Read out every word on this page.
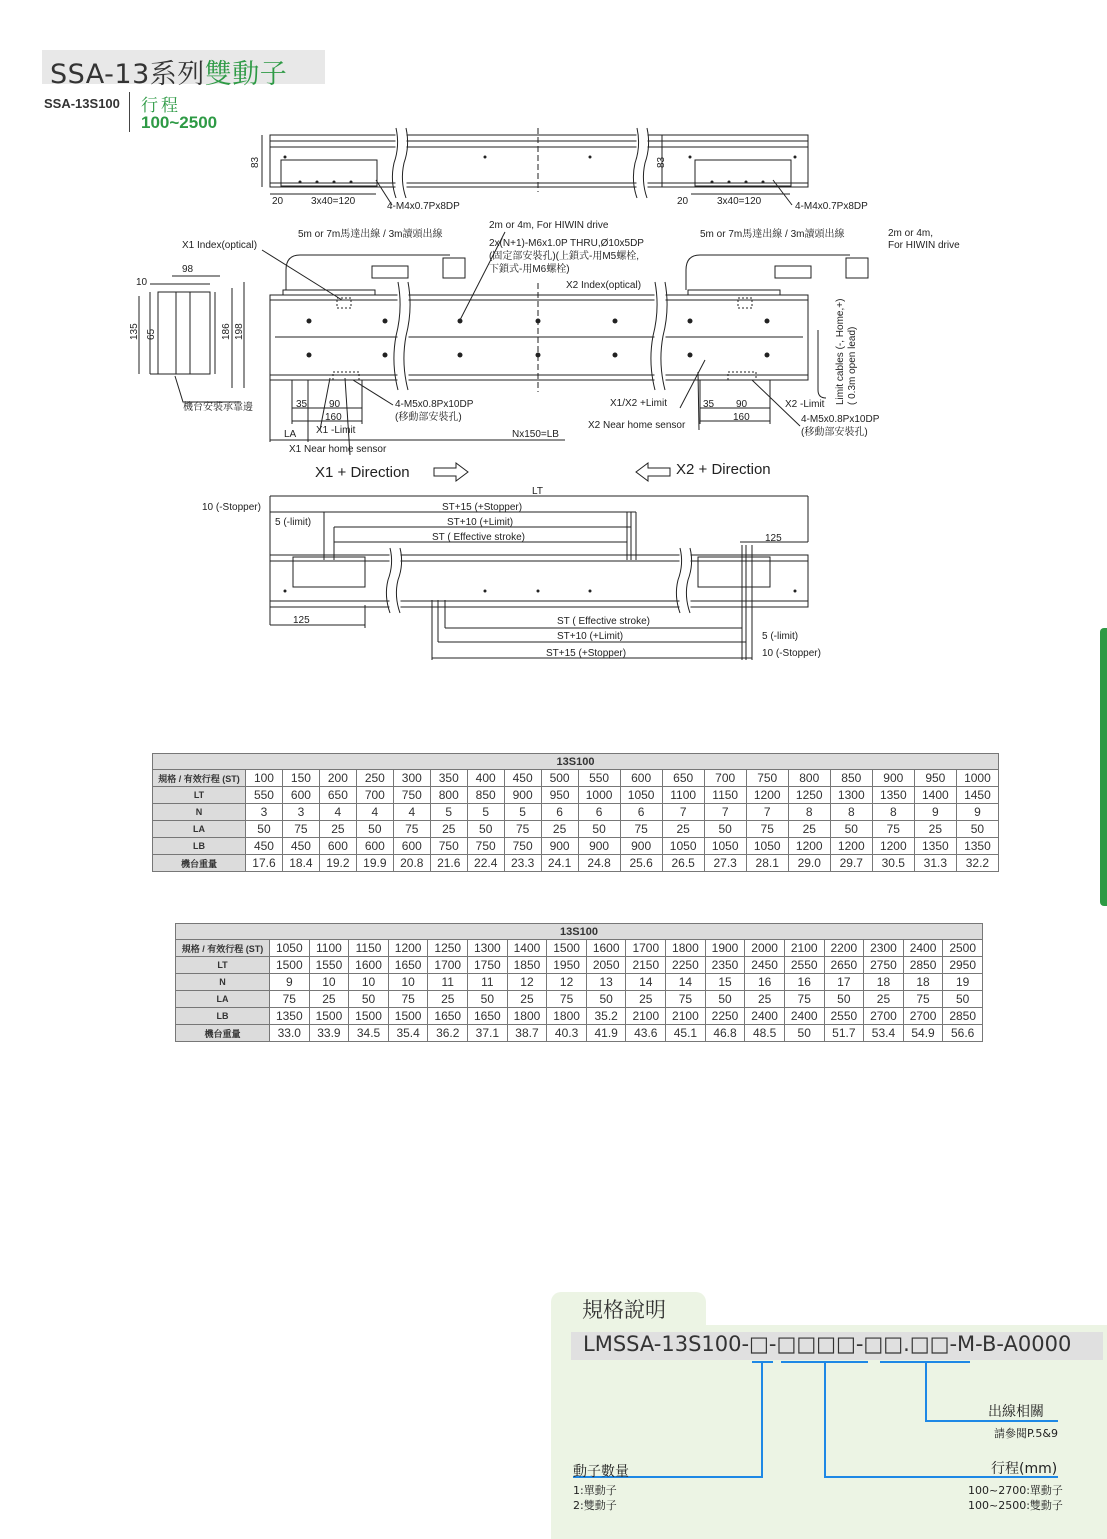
SSA-13系列雙動子
SSA-13S100 行程
100~2500
83	83
20	3x40=120	4-M4x0.7Px8DP	20	3x40=120	4-M4x0.7Px8DP
10
98
135 65	186 198
機台安裝承靠邊
5m or 7m馬達出線 / 3m讀頭出線	5m or 7m馬達出線 / 3m讀頭出線
2m or 4m, For HIWIN drive
2m or 4m,
For HIWIN drive
X1 Index(optical)
X2 Index(optical)
2x(N+1)-M6x1.0P THRU,Ø10x5DP
(固定部安裝孔)(上鎖式-用M5螺栓,
下鎖式-用M6螺栓)
35 90
160
4-M5x0.8Px10DP
(移動部安裝孔)
X1 -Limit
LA	Nx150=LB
X1 Near home sensor
X1/X2 +Limit	35 90
160
X2 -Limit
4-M5x0.8Px10DP
(移動部安裝孔)
X2 Near home sensor
Limit cables (-, Home,+) ( 0.3m open lead)
X1 + Direction	X2 + Direction
LT
10 (-Stopper)
5 (-limit)
ST+15 (+Stopper)
ST+10 (+Limit)
ST ( Effective stroke)	125
125	ST ( Effective stroke)
ST+10 (+Limit)
ST+15 (+Stopper)
5 (-limit)
10 (-Stopper)
13S100																			
規格 / 有效行程 (ST)	100	150	200	250	300	350	400	450	500	550	600	650	700	750	800	850	900	950	1000
LT	550	600	650	700	750	800	850	900	950	1000	1050	1100	1150	1200	1250	1300	1350	1400	1450
N	3	3	4	4	4	5	5	5	6	6	6	7	7	7	8	8	8	9	9
LA	50	75	25	50	75	25	50	75	25	50	75	25	50	75	25	50	75	25	50
LB	450	450	600	600	600	750	750	750	900	900	900	1050	1050	1050	1200	1200	1200	1350	1350
機台重量	17.6	18.4	19.2	19.9	20.8	21.6	22.4	23.3	24.1	24.8	25.6	26.5	27.3	28.1	29.0	29.7	30.5	31.3	32.2
13S100																		
規格 / 有效行程 (ST)	1050	1100	1150	1200	1250	1300	1400	1500	1600	1700	1800	1900	2000	2100	2200	2300	2400	2500
LT	1500	1550	1600	1650	1700	1750	1850	1950	2050	2150	2250	2350	2450	2550	2650	2750	2850	2950
N	9	10	10	10	11	11	12	12	13	14	14	15	16	16	17	18	18	19
LA	75	25	50	75	25	50	25	75	50	25	75	50	25	75	50	25	75	50
LB	1350	1500	1500	1500	1650	1650	1800	1800	35.2	2100	2100	2250	2400	2400	2550	2700	2700	2850
機台重量	33.0	33.9	34.5	35.4	36.2	37.1	38.7	40.3	41.9	43.6	45.1	46.8	48.5	50	51.7	53.4	54.9	56.6
規格說明
LMSSA-13S100-□-□□□□-□□.□□-M-B-A0000
出線相關
請參閱P.5&9
動子數量
1:單動子
2:雙動子
行程(mm)
100~2700:單動子
100~2500:雙動子
